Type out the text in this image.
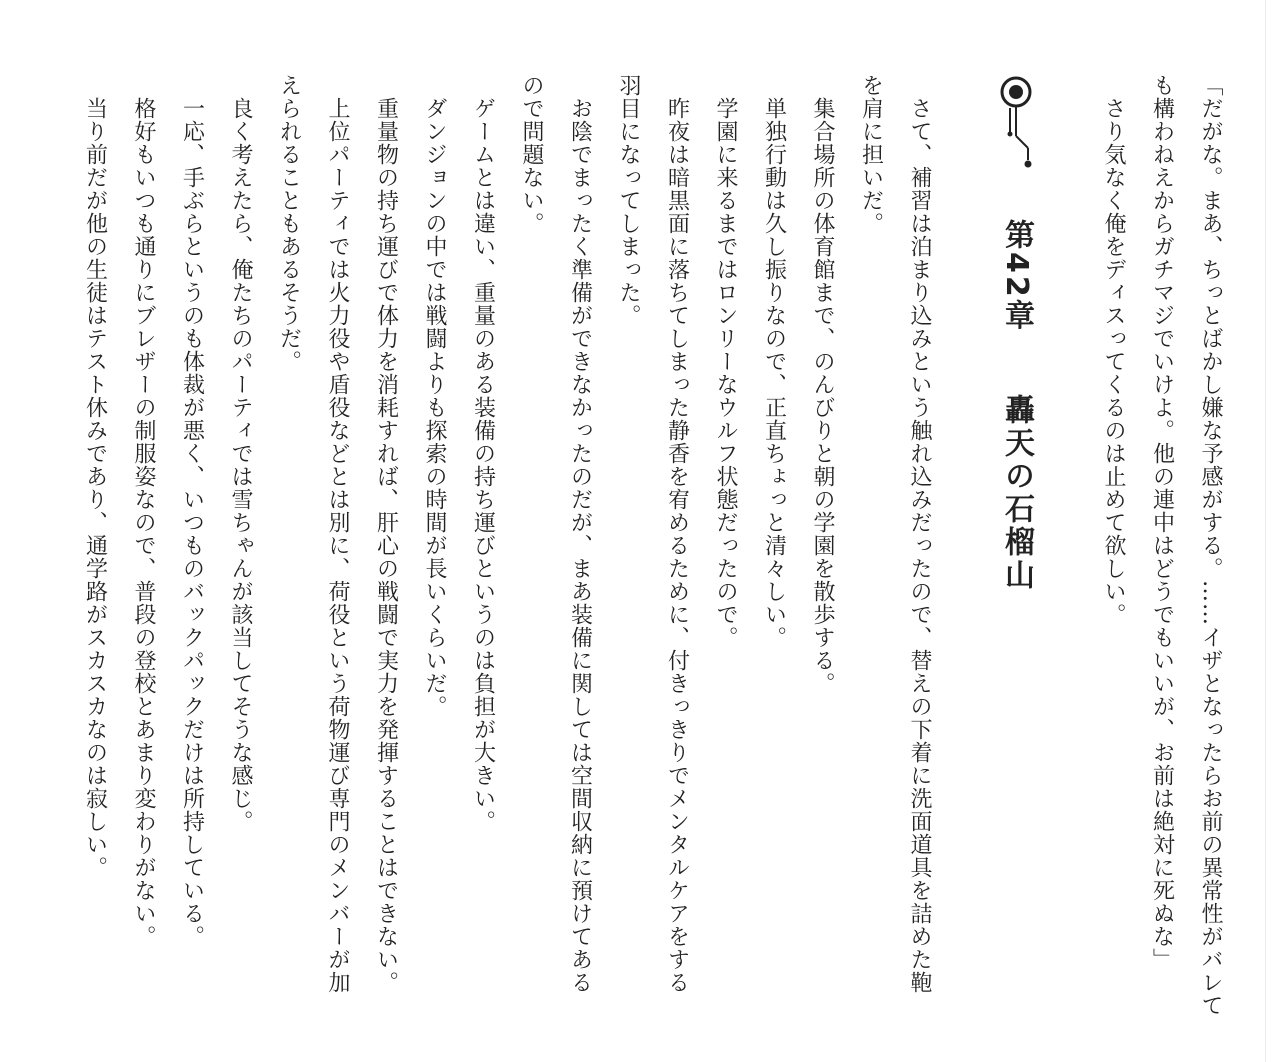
「だがな。まあ、ちっとばかし嫌な予感がする。……イザとなったらお前の異常性がバレて
も構わねえからガチマジでいけよ。他の連中はどうでもいいが、お前は絶対に死ぬな」
　さり気なく俺をディスってくるのは止めて欲しい。
第42章  轟天の石榴山
　さて、補習は泊まり込みという触れ込みだったので、替えの下着に洗面道具を詰めた鞄
を肩に担いだ。
　集合場所の体育館まで、のんびりと朝の学園を散歩する。
　単独行動は久し振りなので、正直ちょっと清々しい。
　学園に来るまではロンリーなウルフ状態だったので。
　昨夜は暗黒面に落ちてしまった静香を宥めるために、付きっきりでメンタルケアをする
羽目になってしまった。
　お陰でまったく準備ができなかったのだが、まあ装備に関しては空間収納に預けてある
ので問題ない。
　ゲームとは違い、重量のある装備の持ち運びというのは負担が大きい。
　ダンジョンの中では戦闘よりも探索の時間が長いくらいだ。
　重量物の持ち運びで体力を消耗すれば、肝心の戦闘で実力を発揮することはできない。
　上位パーティでは火力役や盾役などとは別に、荷役という荷物運び専門のメンバーが加
えられることもあるそうだ。
　良く考えたら、俺たちのパーティでは雪ちゃんが該当してそうな感じ。
　一応、手ぶらというのも体裁が悪く、いつものバックパックだけは所持している。
　格好もいつも通りにブレザーの制服姿なので、普段の登校とあまり変わりがない。
　当り前だが他の生徒はテスト休みであり、通学路がスカスカなのは寂しい。
